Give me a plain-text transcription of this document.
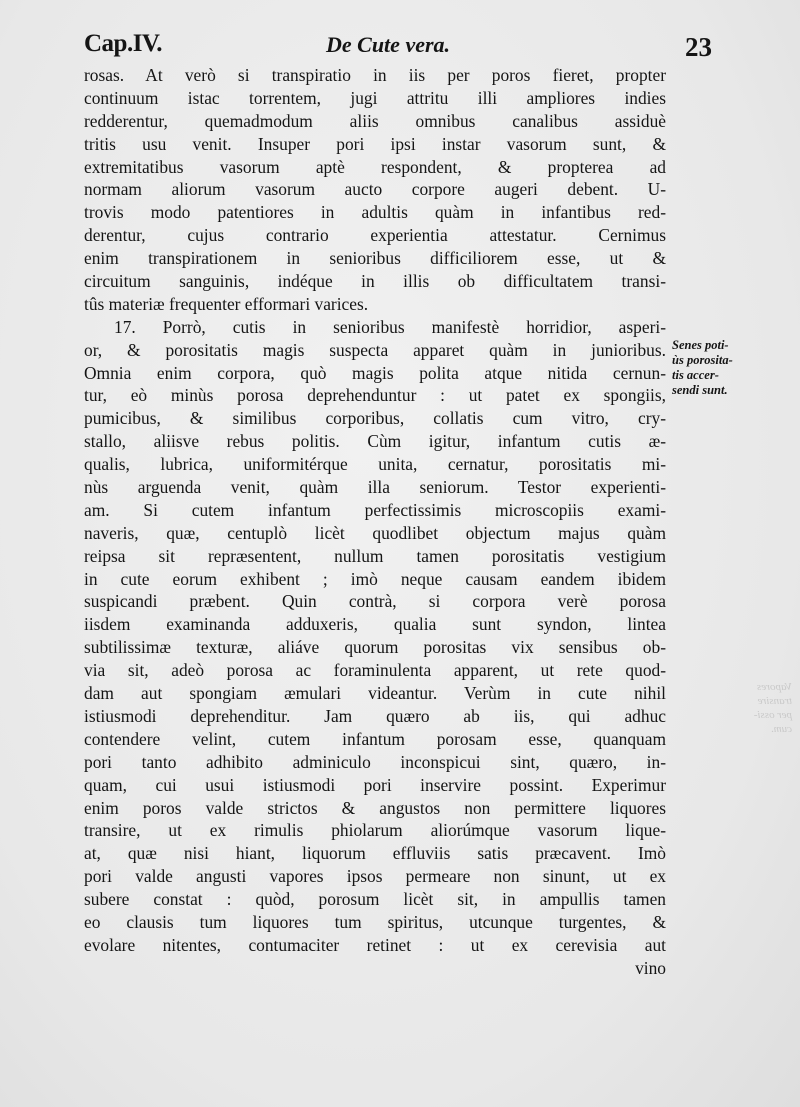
Cap.IV.	De Cute vera.	23
rosas. At verò si transpiratio in iis per poros fieret, propter
continuum istac torrentem, jugi attritu illi ampliores indies
redderentur, quemadmodum aliis omnibus canalibus assiduè
tritis usu venit. Insuper pori ipsi instar vasorum sunt, &
extremitatibus vasorum aptè respondent, & propterea ad
normam aliorum vasorum aucto corpore augeri debent. U-
trovis modo patentiores in adultis quàm in infantibus red-
derentur, cujus contrario experientia attestatur. Cernimus
enim transpirationem in senioribus difficiliorem esse, ut &
circuitum sanguinis, indéque in illis ob difficultatem transi-
tûs materiæ frequenter efformari varices.
17. Porrò, cutis in senioribus manifestè horridior, asperi-
or, & porositatis magis suspecta apparet quàm in junioribus.
Omnia enim corpora, quò magis polita atque nitida cernun-
tur, eò minùs porosa deprehenduntur : ut patet ex spongiis,
pumicibus, & similibus corporibus, collatis cum vitro, cry-
stallo, aliisve rebus politis. Cùm igitur, infantum cutis æ-
qualis, lubrica, uniformitérque unita, cernatur, porositatis mi-
nùs arguenda venit, quàm illa seniorum. Testor experienti-
am. Si cutem infantum perfectissimis microscopiis exami-
naveris, quæ, centuplò licèt quodlibet objectum majus quàm
reipsa sit repræsentent, nullum tamen porositatis vestigium
in cute eorum exhibent ; imò neque causam eandem ibidem
suspicandi præbent. Quin contrà, si corpora verè porosa
iisdem examinanda adduxeris, qualia sunt syndon, lintea
subtilissimæ texturæ, aliáve quorum porositas vix sensibus ob-
via sit, adeò porosa ac foraminulenta apparent, ut rete quod-
dam aut spongiam æmulari videantur. Verùm in cute nihil
istiusmodi deprehenditur. Jam quæro ab iis, qui adhuc
contendere velint, cutem infantum porosam esse, quanquam
pori tanto adhibito adminiculo inconspicui sint, quæro, in-
quam, cui usui istiusmodi pori inservire possint. Experimur
enim poros valde strictos & angustos non permittere liquores
transire, ut ex rimulis phiolarum aliorúmque vasorum lique-
at, quæ nisi hiant, liquorum effluviis satis præcavent. Imò
pori valde angusti vapores ipsos permeare non sinunt, ut ex
subere constat : quòd, porosum licèt sit, in ampullis tamen
eo clausis tum liquores tum spiritus, utcunque turgentes, &
evolare nitentes, contumaciter retinet : ut ex cerevisia aut
vino
Senes poti-
ùs porosita-
tis accer-
sendi sunt.
Vapores
transire
per ossi-
cum.
